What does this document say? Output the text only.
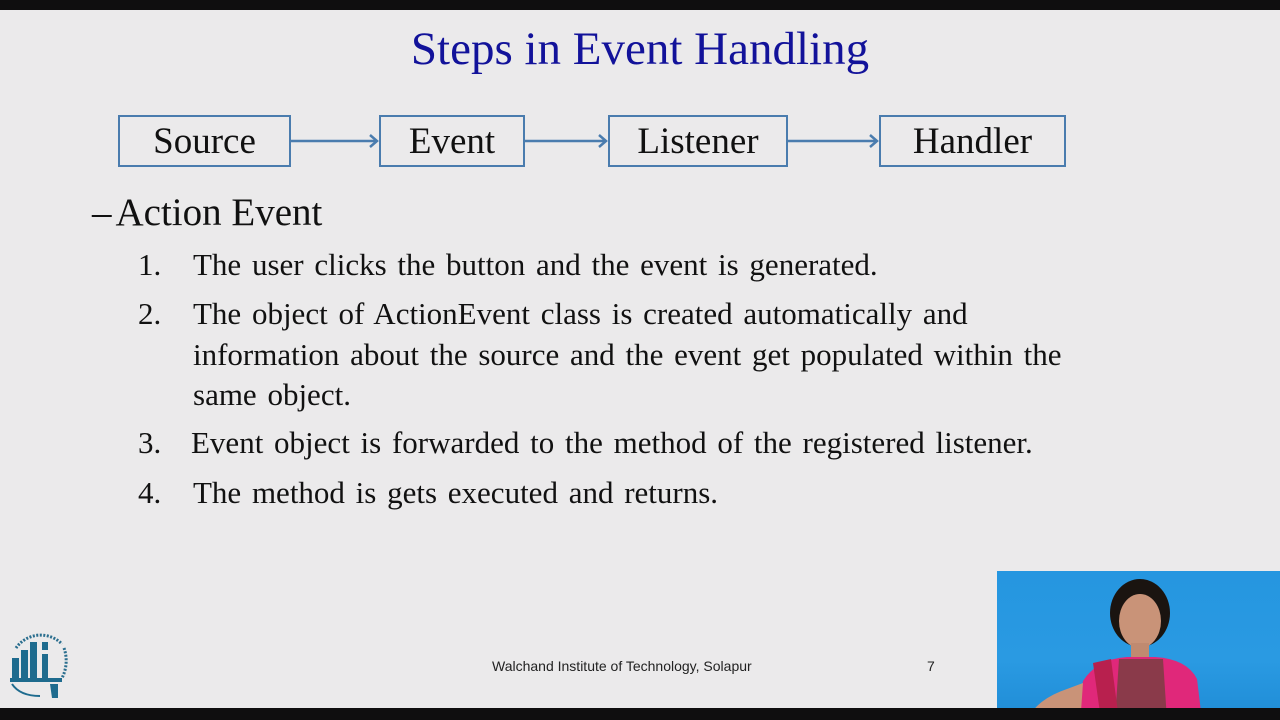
Steps in Event Handling
Source	Event	Listener	Handler
– Action Event
1.	The user clicks the button and the event is generated.
2.	The object of ActionEvent class is created automatically and
information about the source and the event get populated within the
same object.
3. Event object is forwarded to the method of the registered listener.
4.	The method is gets executed and returns.
Walchand Institute of Technology, Solapur	7
